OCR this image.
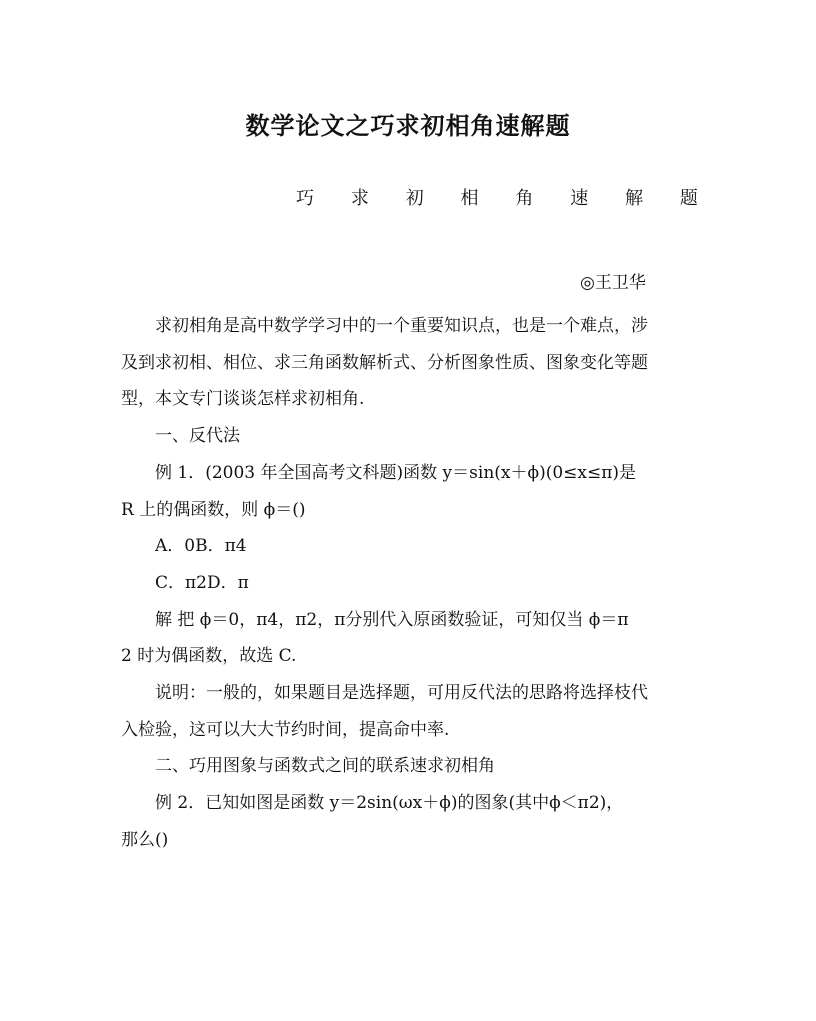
数学论文之巧求初相角速解题
巧 求 初 相 角 速 解 题
◎王卫华

求初相角是高中数学学习中的一个重要知识点，也是一个难点，涉

及到求初相、相位、求三角函数解析式、分析图象性质、图象变化等题

型，本文专门谈谈怎样求初相角.

一、反代法

例 1．(2003 年全国高考文科题)函数 y＝sin(x＋ϕ)(0≤x≤π)是

R 上的偶函数，则 ϕ＝()

A．0B．π4

C．π2D．π

解 把 ϕ＝0，π4，π2，π分别代入原函数验证，可知仅当 ϕ＝π

2 时为偶函数，故选 C.

说明：一般的，如果题目是选择题，可用反代法的思路将选择枝代

入检验，这可以大大节约时间，提高命中率.

二、巧用图象与函数式之间的联系速求初相角

例 2．已知如图是函数 y＝2sin(ωx＋ϕ)的图象(其中ϕ＜π2)，

那么()
